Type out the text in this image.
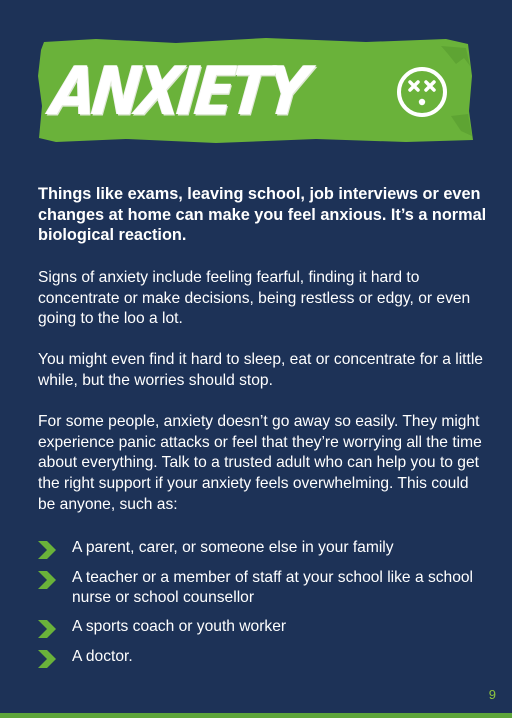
ANXIETY
Things like exams, leaving school, job interviews or even changes at home can make you feel anxious. It’s a normal biological reaction.
Signs of anxiety include feeling fearful, finding it hard to concentrate or make decisions, being restless or edgy, or even going to the loo a lot.
You might even find it hard to sleep, eat or concentrate for a little while, but the worries should stop.
For some people, anxiety doesn’t go away so easily. They might experience panic attacks or feel that they’re worrying all the time about everything. Talk to a trusted adult who can help you to get the right support if your anxiety feels overwhelming. This could be anyone, such as:
A parent, carer, or someone else in your family
A teacher or a member of staff at your school like a school nurse or school counsellor
A sports coach or youth worker
A doctor.
9
